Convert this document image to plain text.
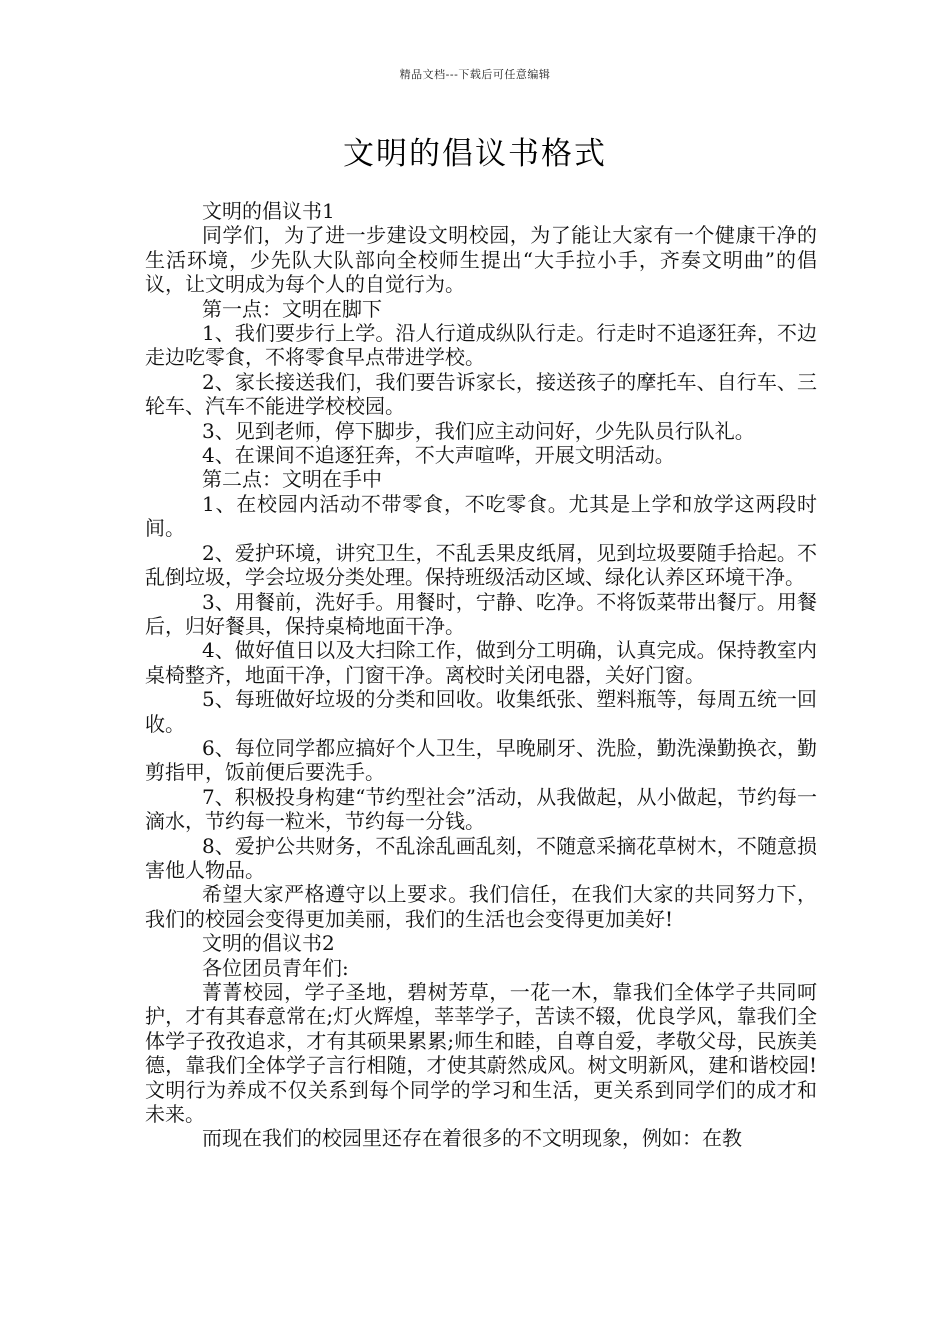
精品文档---下载后可任意编辑
文明的倡议书格式

文明的倡议书1

同学们，为了进一步建设文明校园，为了能让大家有一个健康干净的生活环境，少先队大队部向全校师生提出“大手拉小手，齐奏文明曲”的倡议，让文明成为每个人的自觉行为。

第一点：文明在脚下

1、我们要步行上学。沿人行道成纵队行走。行走时不追逐狂奔，不边走边吃零食，不将零食早点带进学校。

2、家长接送我们，我们要告诉家长，接送孩子的摩托车、自行车、三轮车、汽车不能进学校校园。

3、见到老师，停下脚步，我们应主动问好，少先队员行队礼。

4、在课间不追逐狂奔，不大声喧哗，开展文明活动。

第二点：文明在手中

1、在校园内活动不带零食，不吃零食。尤其是上学和放学这两段时间。

2、爱护环境，讲究卫生，不乱丢果皮纸屑，见到垃圾要随手拾起。不乱倒垃圾，学会垃圾分类处理。保持班级活动区域、绿化认养区环境干净。

3、用餐前，洗好手。用餐时，宁静、吃净。不将饭菜带出餐厅。用餐后，归好餐具，保持桌椅地面干净。

4、做好值日以及大扫除工作，做到分工明确，认真完成。保持教室内桌椅整齐，地面干净，门窗干净。离校时关闭电器，关好门窗。

5、每班做好垃圾的分类和回收。收集纸张、塑料瓶等，每周五统一回收。

6、每位同学都应搞好个人卫生，早晚刷牙、洗脸，勤洗澡勤换衣，勤剪指甲，饭前便后要洗手。

7、积极投身构建“节约型社会”活动，从我做起，从小做起，节约每一滴水，节约每一粒米，节约每一分钱。

8、爱护公共财务，不乱涂乱画乱刻，不随意采摘花草树木，不随意损害他人物品。

希望大家严格遵守以上要求。我们信任，在我们大家的共同努力下，我们的校园会变得更加美丽，我们的生活也会变得更加美好!

文明的倡议书2

各位团员青年们:

菁菁校园，学子圣地，碧树芳草，一花一木，靠我们全体学子共同呵护，才有其春意常在;灯火辉煌，莘莘学子，苦读不辍，优良学风，靠我们全体学子孜孜追求，才有其硕果累累;师生和睦，自尊自爱，孝敬父母，民族美德，靠我们全体学子言行相随，才使其蔚然成风。树文明新风，建和谐校园!文明行为养成不仅关系到每个同学的学习和生活，更关系到同学们的成才和未来。

而现在我们的校园里还存在着很多的不文明现象，例如：在教
